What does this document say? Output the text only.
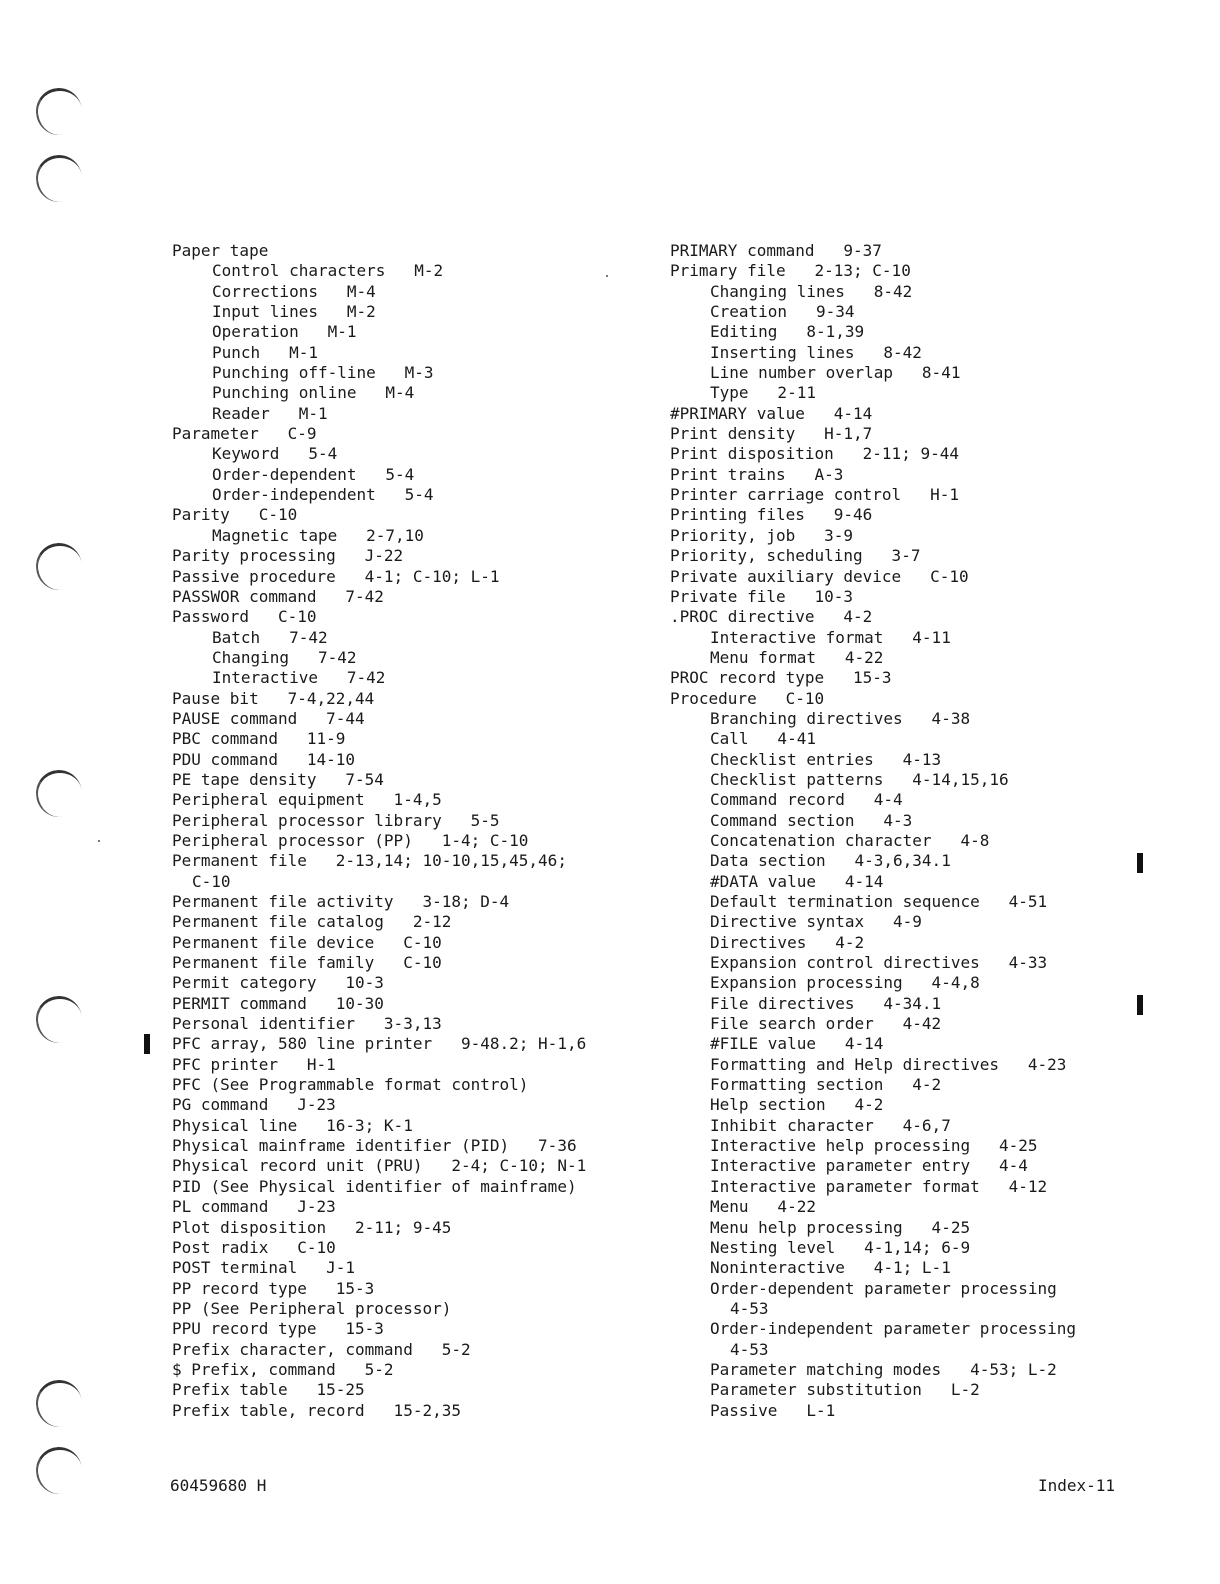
Paper tape
Control characters   M-2
Corrections   M-4
Input lines   M-2
Operation   M-1
Punch   M-1
Punching off-line   M-3
Punching online   M-4
Reader   M-1
Parameter   C-9
Keyword   5-4
Order-dependent   5-4
Order-independent   5-4
Parity   C-10
Magnetic tape   2-7,10
Parity processing   J-22
Passive procedure   4-1; C-10; L-1
PASSWOR command   7-42
Password   C-10
Batch   7-42
Changing   7-42
Interactive   7-42
Pause bit   7-4,22,44
PAUSE command   7-44
PBC command   11-9
PDU command   14-10
PE tape density   7-54
Peripheral equipment   1-4,5
Peripheral processor library   5-5
Peripheral processor (PP)   1-4; C-10
Permanent file   2-13,14; 10-10,15,45,46;
C-10
Permanent file activity   3-18; D-4
Permanent file catalog   2-12
Permanent file device   C-10
Permanent file family   C-10
Permit category   10-3
PERMIT command   10-30
Personal identifier   3-3,13
PFC array, 580 line printer   9-48.2; H-1,6
PFC printer   H-1
PFC (See Programmable format control)
PG command   J-23
Physical line   16-3; K-1
Physical mainframe identifier (PID)   7-36
Physical record unit (PRU)   2-4; C-10; N-1
PID (See Physical identifier of mainframe)
PL command   J-23
Plot disposition   2-11; 9-45
Post radix   C-10
POST terminal   J-1
PP record type   15-3
PP (See Peripheral processor)
PPU record type   15-3
Prefix character, command   5-2
$ Prefix, command   5-2
Prefix table   15-25
Prefix table, record   15-2,35
PRIMARY command   9-37
Primary file   2-13; C-10
Changing lines   8-42
Creation   9-34
Editing   8-1,39
Inserting lines   8-42
Line number overlap   8-41
Type   2-11
#PRIMARY value   4-14
Print density   H-1,7
Print disposition   2-11; 9-44
Print trains   A-3
Printer carriage control   H-1
Printing files   9-46
Priority, job   3-9
Priority, scheduling   3-7
Private auxiliary device   C-10
Private file   10-3
.PROC directive   4-2
Interactive format   4-11
Menu format   4-22
PROC record type   15-3
Procedure   C-10
Branching directives   4-38
Call   4-41
Checklist entries   4-13
Checklist patterns   4-14,15,16
Command record   4-4
Command section   4-3
Concatenation character   4-8
Data section   4-3,6,34.1
#DATA value   4-14
Default termination sequence   4-51
Directive syntax   4-9
Directives   4-2
Expansion control directives   4-33
Expansion processing   4-4,8
File directives   4-34.1
File search order   4-42
#FILE value   4-14
Formatting and Help directives   4-23
Formatting section   4-2
Help section   4-2
Inhibit character   4-6,7
Interactive help processing   4-25
Interactive parameter entry   4-4
Interactive parameter format   4-12
Menu   4-22
Menu help processing   4-25
Nesting level   4-1,14; 6-9
Noninteractive   4-1; L-1
Order-dependent parameter processing
4-53
Order-independent parameter processing
4-53
Parameter matching modes   4-53; L-2
Parameter substitution   L-2
Passive   L-1
60459680 H	Index-11
